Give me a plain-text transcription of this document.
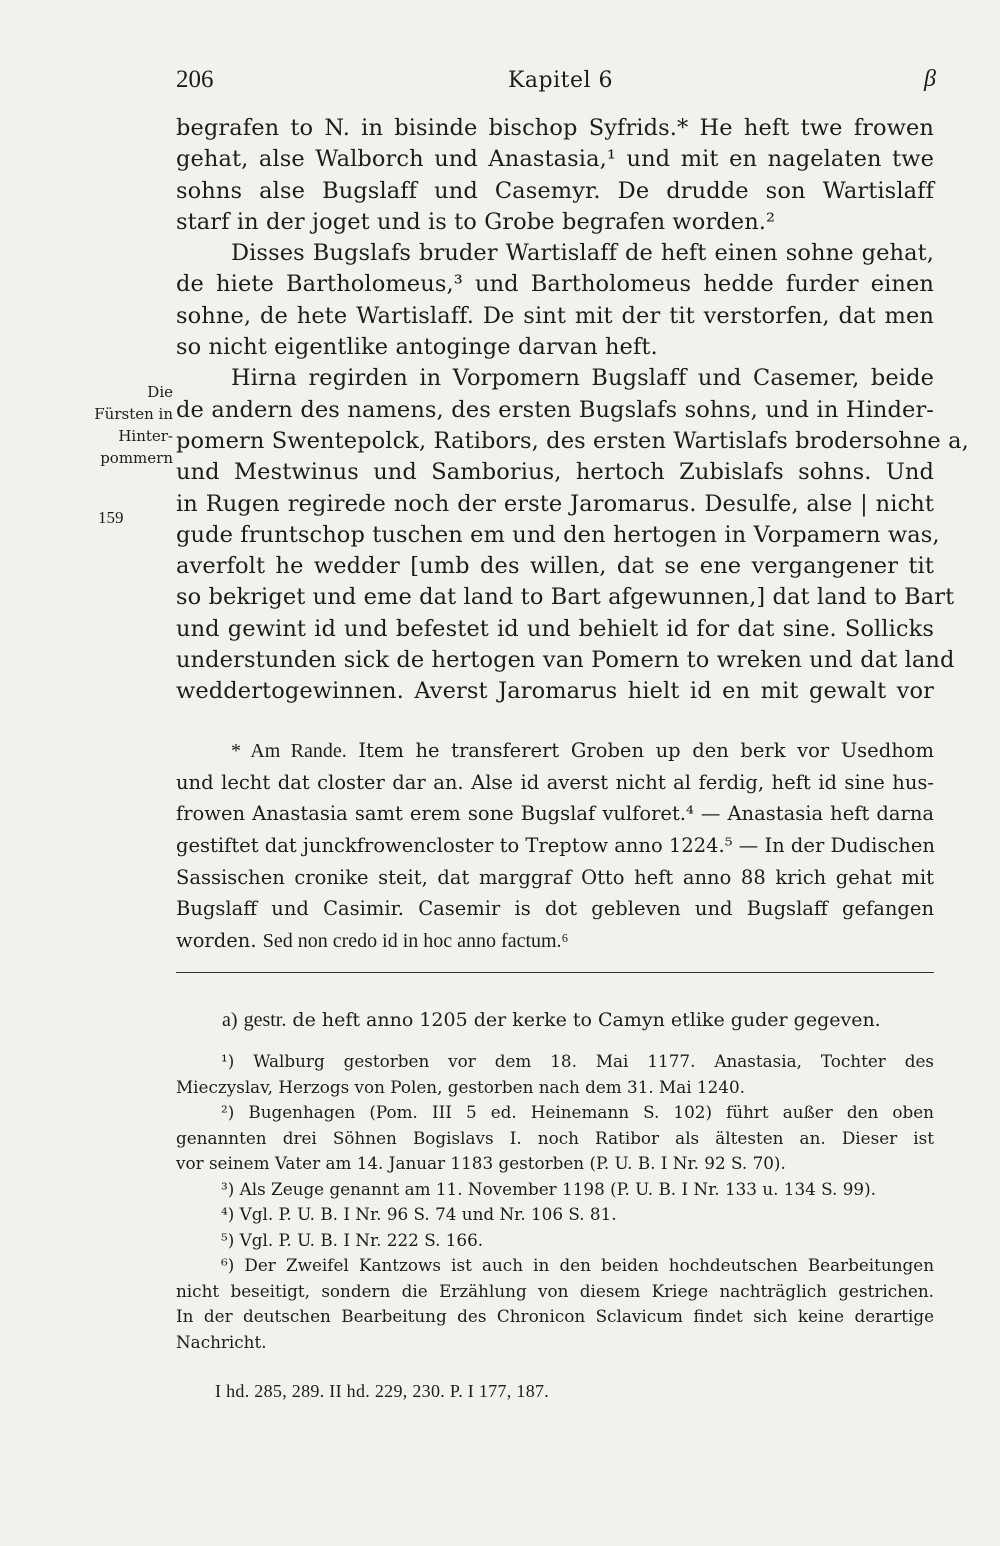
206	Kapitel 6	β
Die
Fürsten in
Hinter-
pommern
159
begrafen to N. in bisinde bischop Syfrids.* He heft twe frowen
gehat, alse Walborch und Anastasia,¹ und mit en nagelaten twe
sohns alse Bugslaff und Casemyr. De drudde son Wartislaff
starf in der joget und is to Grobe begrafen worden.²
Disses Bugslafs bruder Wartislaff de heft einen sohne gehat,
de hiete Bartholomeus,³ und Bartholomeus hedde furder einen
sohne, de hete Wartislaff. De sint mit der tit verstorfen, dat men
so nicht eigentlike antoginge darvan heft.
Hirna regirden in Vorpomern Bugslaff und Casemer, beide
de andern des namens, des ersten Bugslafs sohns, und in Hinder-
pomern Swentepolck, Ratibors, des ersten Wartislafs brodersohne a,
und Mestwinus und Samborius, hertoch Zubislafs sohns. Und
in Rugen regirede noch der erste Jaromarus. Desulfe, alse | nicht
gude fruntschop tuschen em und den hertogen in Vorpamern was,
averfolt he wedder [umb des willen, dat se ene vergangener tit
so bekriget und eme dat land to Bart afgewunnen,] dat land to Bart
und gewint id und befestet id und behielt id for dat sine. Sollicks
understunden sick de hertogen van Pomern to wreken und dat land
weddertogewinnen. Averst Jaromarus hielt id en mit gewalt vor
* Am Rande. Item he transferert Groben up den berk vor Usedhom
und lecht dat closter dar an. Alse id averst nicht al ferdig, heft id sine hus-
frowen Anastasia samt erem sone Bugslaf vulforet.⁴ — Anastasia heft darna
gestiftet dat junckfrowencloster to Treptow anno 1224.⁵ — In der Dudischen
Sassischen cronike steit, dat marggraf Otto heft anno 88 krich gehat mit
Bugslaff und Casimir. Casemir is dot gebleven und Bugslaff gefangen
worden. Sed non credo id in hoc anno factum.⁶
a) gestr. de heft anno 1205 der kerke to Camyn etlike guder gegeven.
¹) Walburg gestorben vor dem 18. Mai 1177. Anastasia, Tochter des
Mieczyslav, Herzogs von Polen, gestorben nach dem 31. Mai 1240.
²) Bugenhagen (Pom. III 5 ed. Heinemann S. 102) führt außer den oben
genannten drei Söhnen Bogislavs I. noch Ratibor als ältesten an. Dieser ist
vor seinem Vater am 14. Januar 1183 gestorben (P. U. B. I Nr. 92 S. 70).
³) Als Zeuge genannt am 11. November 1198 (P. U. B. I Nr. 133 u. 134 S. 99).
⁴) Vgl. P. U. B. I Nr. 96 S. 74 und Nr. 106 S. 81.
⁵) Vgl. P. U. B. I Nr. 222 S. 166.
⁶) Der Zweifel Kantzows ist auch in den beiden hochdeutschen Bearbeitungen
nicht beseitigt, sondern die Erzählung von diesem Kriege nachträglich gestrichen.
In der deutschen Bearbeitung des Chronicon Sclavicum findet sich keine derartige
Nachricht.
I hd. 285, 289. II hd. 229, 230. P. I 177, 187.
